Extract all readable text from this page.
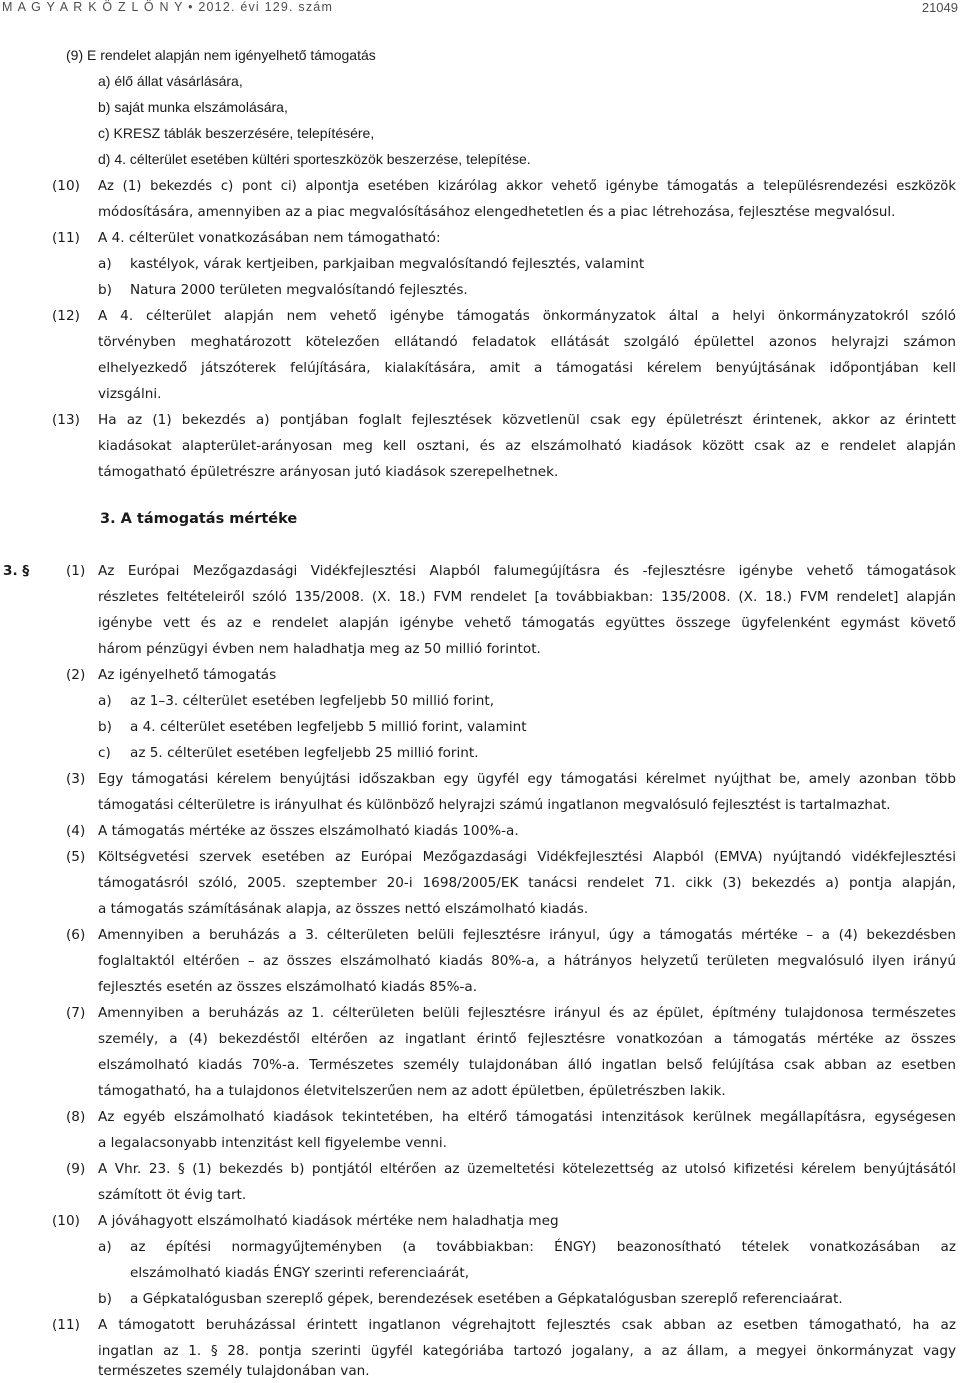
M A G Y A R K Ö Z L Ö N Y • 2012. évi 129. szám	21049
(9) E rendelet alapján nem igényelhető támogatás
a) élő állat vásárlására,
b) saját munka elszámolására,
c) KRESZ táblák beszerzésére, telepítésére,
d) 4. célterület esetében kültéri sporteszközök beszerzése, telepítése.
(10) Az (1) bekezdés c) pont ci) alpontja esetében kizárólag akkor vehető igénybe támogatás a településrendezési eszközök
módosítására, amennyiben az a piac megvalósításához elengedhetetlen és a piac létrehozása, fejlesztése megvalósul.
(11) A 4. célterület vonatkozásában nem támogatható:
a) kastélyok, várak kertjeiben, parkjaiban megvalósítandó fejlesztés, valamint
b) Natura 2000 területen megvalósítandó fejlesztés.
(12) A 4. célterület alapján nem vehető igénybe támogatás önkormányzatok által a helyi önkormányzatokról szóló
törvényben meghatározott kötelezően ellátandó feladatok ellátását szolgáló épülettel azonos helyrajzi számon
elhelyezkedő játszóterek felújítására, kialakítására, amit a támogatási kérelem benyújtásának időpontjában kell
vizsgálni.
(13) Ha az (1) bekezdés a) pontjában foglalt fejlesztések közvetlenül csak egy épületrészt érintenek, akkor az érintett
kiadásokat alapterület-arányosan meg kell osztani, és az elszámolható kiadások között csak az e rendelet alapján
támogatható épületrészre arányosan jutó kiadások szerepelhetnek.
3. A támogatás mértéke
3. §	(1) Az Európai Mezőgazdasági Vidékfejlesztési Alapból falumegújításra és -fejlesztésre igénybe vehető támogatások
részletes feltételeiről szóló 135/2008. (X. 18.) FVM rendelet [a továbbiakban: 135/2008. (X. 18.) FVM rendelet] alapján
igénybe vett és az e rendelet alapján igénybe vehető támogatás együttes összege ügyfelenként egymást követő
három pénzügyi évben nem haladhatja meg az 50 millió forintot.
(2) Az igényelhető támogatás
a) az 1–3. célterület esetében legfeljebb 50 millió forint,
b) a 4. célterület esetében legfeljebb 5 millió forint, valamint
c) az 5. célterület esetében legfeljebb 25 millió forint.
(3) Egy támogatási kérelem benyújtási időszakban egy ügyfél egy támogatási kérelmet nyújthat be, amely azonban több
támogatási célterületre is irányulhat és különböző helyrajzi számú ingatlanon megvalósuló fejlesztést is tartalmazhat.
(4) A támogatás mértéke az összes elszámolható kiadás 100%-a.
(5) Költségvetési szervek esetében az Európai Mezőgazdasági Vidékfejlesztési Alapból (EMVA) nyújtandó vidékfejlesztési
támogatásról szóló, 2005. szeptember 20-i 1698/2005/EK tanácsi rendelet 71. cikk (3) bekezdés a) pontja alapján,
a támogatás számításának alapja, az összes nettó elszámolható kiadás.
(6) Amennyiben a beruházás a 3. célterületen belüli fejlesztésre irányul, úgy a támogatás mértéke – a (4) bekezdésben
foglaltaktól eltérően – az összes elszámolható kiadás 80%-a, a hátrányos helyzetű területen megvalósuló ilyen irányú
fejlesztés esetén az összes elszámolható kiadás 85%-a.
(7) Amennyiben a beruházás az 1. célterületen belüli fejlesztésre irányul és az épület, építmény tulajdonosa természetes
személy, a (4) bekezdéstől eltérően az ingatlant érintő fejlesztésre vonatkozóan a támogatás mértéke az összes
elszámolható kiadás 70%-a. Természetes személy tulajdonában álló ingatlan belső felújítása csak abban az esetben
támogatható, ha a tulajdonos életvitelszerűen nem az adott épületben, épületrészben lakik.
(8) Az egyéb elszámolható kiadások tekintetében, ha eltérő támogatási intenzitások kerülnek megállapításra, egységesen
a legalacsonyabb intenzitást kell figyelembe venni.
(9) A Vhr. 23. § (1) bekezdés b) pontjától eltérően az üzemeltetési kötelezettség az utolsó kifizetési kérelem benyújtásától
számított öt évig tart.
(10) A jóváhagyott elszámolható kiadások mértéke nem haladhatja meg
a) az építési normagyűjteményben (a továbbiakban: ÉNGY) beazonosítható tételek vonatkozásában az
elszámolható kiadás ÉNGY szerinti referenciaárát,
b) a Gépkatalógusban szereplő gépek, berendezések esetében a Gépkatalógusban szereplő referenciaárat.
(11) A támogatott beruházással érintett ingatlanon végrehajtott fejlesztés csak abban az esetben támogatható, ha az
ingatlan az 1. § 28. pontja szerinti ügyfél kategóriába tartozó jogalany, a az állam, a megyei önkormányzat vagy
természetes személy tulajdonában van.
